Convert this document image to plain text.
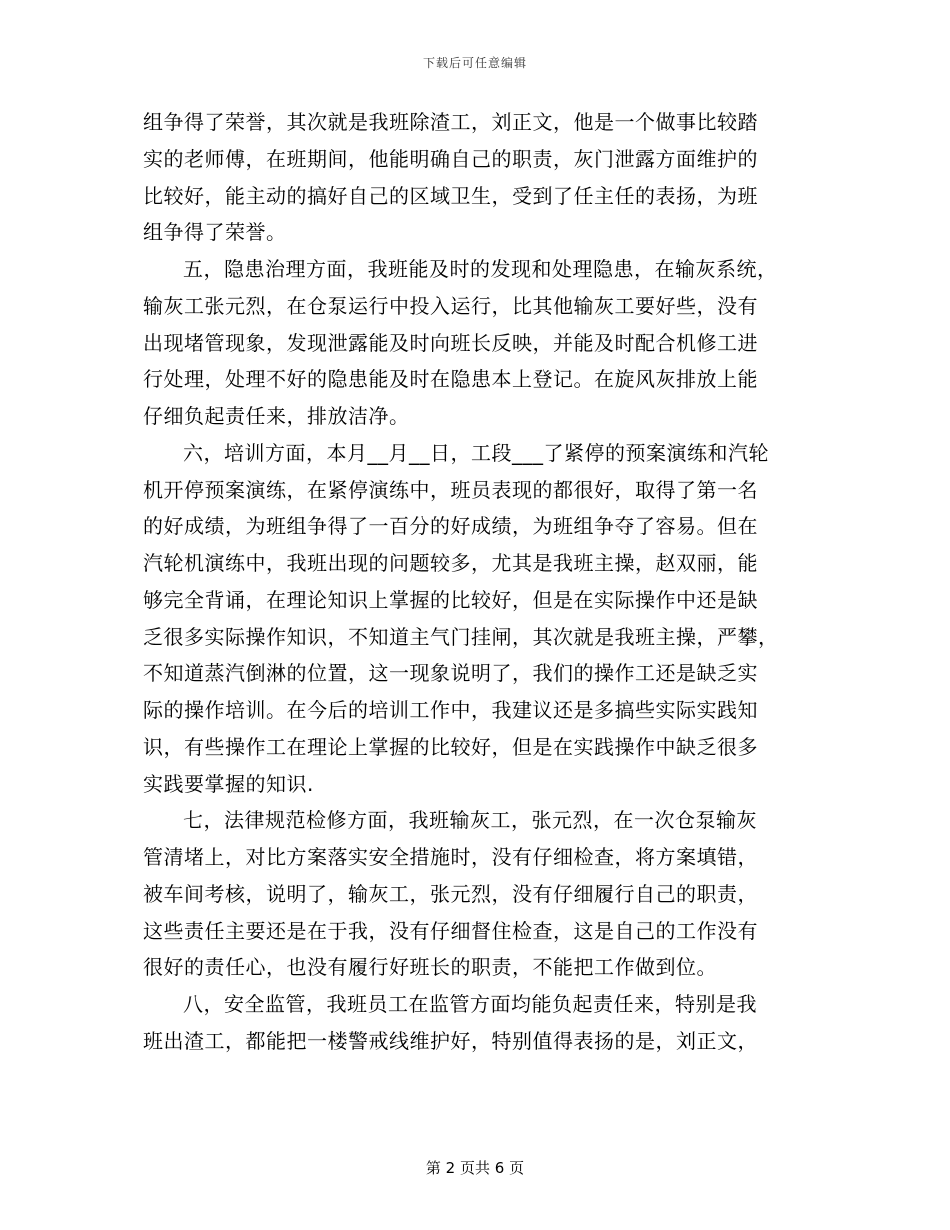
下载后可任意编辑
组争得了荣誉，其次就是我班除渣工，刘正文，他是一个做事比较踏
实的老师傅，在班期间，他能明确自己的职责，灰门泄露方面维护的
比较好，能主动的搞好自己的区域卫生，受到了任主任的表扬，为班
组争得了荣誉。
五，隐患治理方面，我班能及时的发现和处理隐患，在输灰系统，
输灰工张元烈，在仓泵运行中投入运行，比其他输灰工要好些，没有
出现堵管现象，发现泄露能及时向班长反映，并能及时配合机修工进
行处理，处理不好的隐患能及时在隐患本上登记。在旋风灰排放上能
仔细负起责任来，排放洁净。
六，培训方面，本月__月__日，工段___了紧停的预案演练和汽轮
机开停预案演练，在紧停演练中，班员表现的都很好，取得了第一名
的好成绩，为班组争得了一百分的好成绩，为班组争夺了容易。但在
汽轮机演练中，我班出现的问题较多，尤其是我班主操，赵双丽，能
够完全背诵，在理论知识上掌握的比较好，但是在实际操作中还是缺
乏很多实际操作知识，不知道主气门挂闸，其次就是我班主操，严攀，
不知道蒸汽倒淋的位置，这一现象说明了，我们的操作工还是缺乏实
际的操作培训。在今后的培训工作中，我建议还是多搞些实际实践知
识，有些操作工在理论上掌握的比较好，但是在实践操作中缺乏很多
实践要掌握的知识.
七，法律规范检修方面，我班输灰工，张元烈，在一次仓泵输灰
管清堵上，对比方案落实安全措施时，没有仔细检查，将方案填错，
被车间考核，说明了，输灰工，张元烈，没有仔细履行自己的职责，
这些责任主要还是在于我，没有仔细督住检查，这是自己的工作没有
很好的责任心，也没有履行好班长的职责，不能把工作做到位。
八，安全监管，我班员工在监管方面均能负起责任来，特别是我
班出渣工，都能把一楼警戒线维护好，特别值得表扬的是，刘正文，
第 2 页共 6 页
